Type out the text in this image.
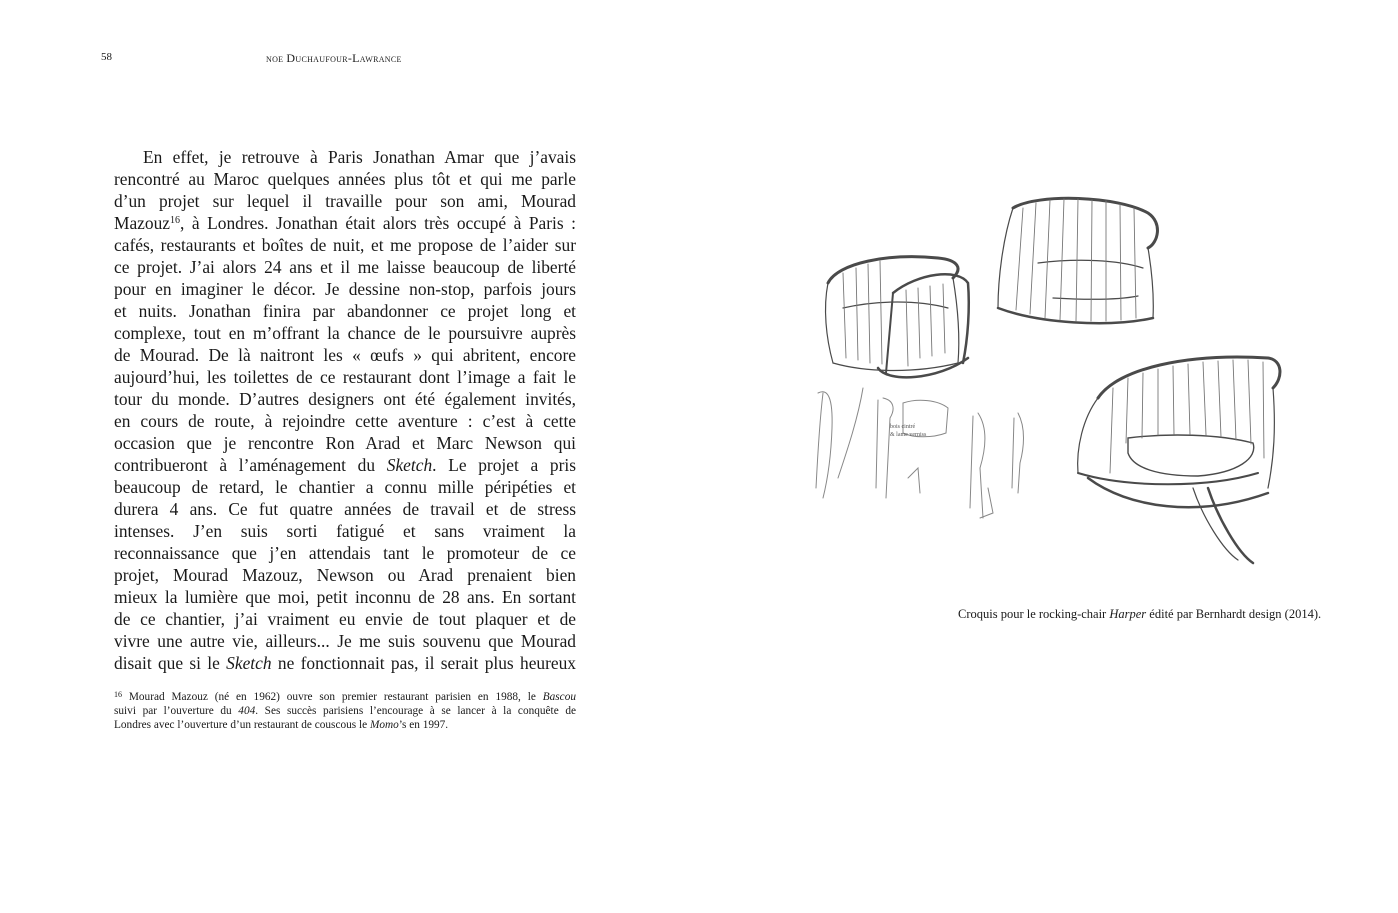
58	noe Duchaufour-Lawrance
En effet, je retrouve à Paris Jonathan Amar que j’avais
rencontré au Maroc quelques années plus tôt et qui me parle
d’un projet sur lequel il travaille pour son ami, Mourad
Mazouz$^{16}$, à Londres. Jonathan était alors très occupé à Paris :
cafés, restaurants et boîtes de nuit, et me propose de l’aider sur
ce projet. J’ai alors 24 ans et il me laisse beaucoup de liberté
pour en imaginer le décor. Je dessine non-stop, parfois jours
et nuits. Jonathan finira par abandonner ce projet long et
complexe, tout en m’offrant la chance de le poursuivre auprès
de Mourad. De là naitront les « œufs » qui abritent, encore
aujourd’hui, les toilettes de ce restaurant dont l’image a fait le
tour du monde. D’autres designers ont été également invités,
en cours de route, à rejoindre cette aventure : c’est à cette
occasion que je rencontre Ron Arad et Marc Newson qui
contribueront à l’aménagement du Sketch. Le projet a pris
beaucoup de retard, le chantier a connu mille péripéties et
durera 4 ans. Ce fut quatre années de travail et de stress
intenses. J’en suis sorti fatigué et sans vraiment la
reconnaissance que j’en attendais tant le promoteur de ce
projet, Mourad Mazouz, Newson ou Arad prenaient bien
mieux la lumière que moi, petit inconnu de 28 ans. En sortant
de ce chantier, j’ai vraiment eu envie de tout plaquer et de
vivre une autre vie, ailleurs... Je me suis souvenu que Mourad
disait que si le Sketch ne fonctionnait pas, il serait plus heureux
$^{16}$ Mourad Mazouz (né en 1962) ouvre son premier restaurant parisien en 1988, le Bascou
suivi par l’ouverture du 404. Ses succès parisiens l’encourage à se lancer à la conquête de
Londres avec l’ouverture d’un restaurant de couscous le Momo’s en 1997.
bois cintré
& lame verniss
Croquis pour le rocking-chair Harper édité par Bernhardt design (2014).
